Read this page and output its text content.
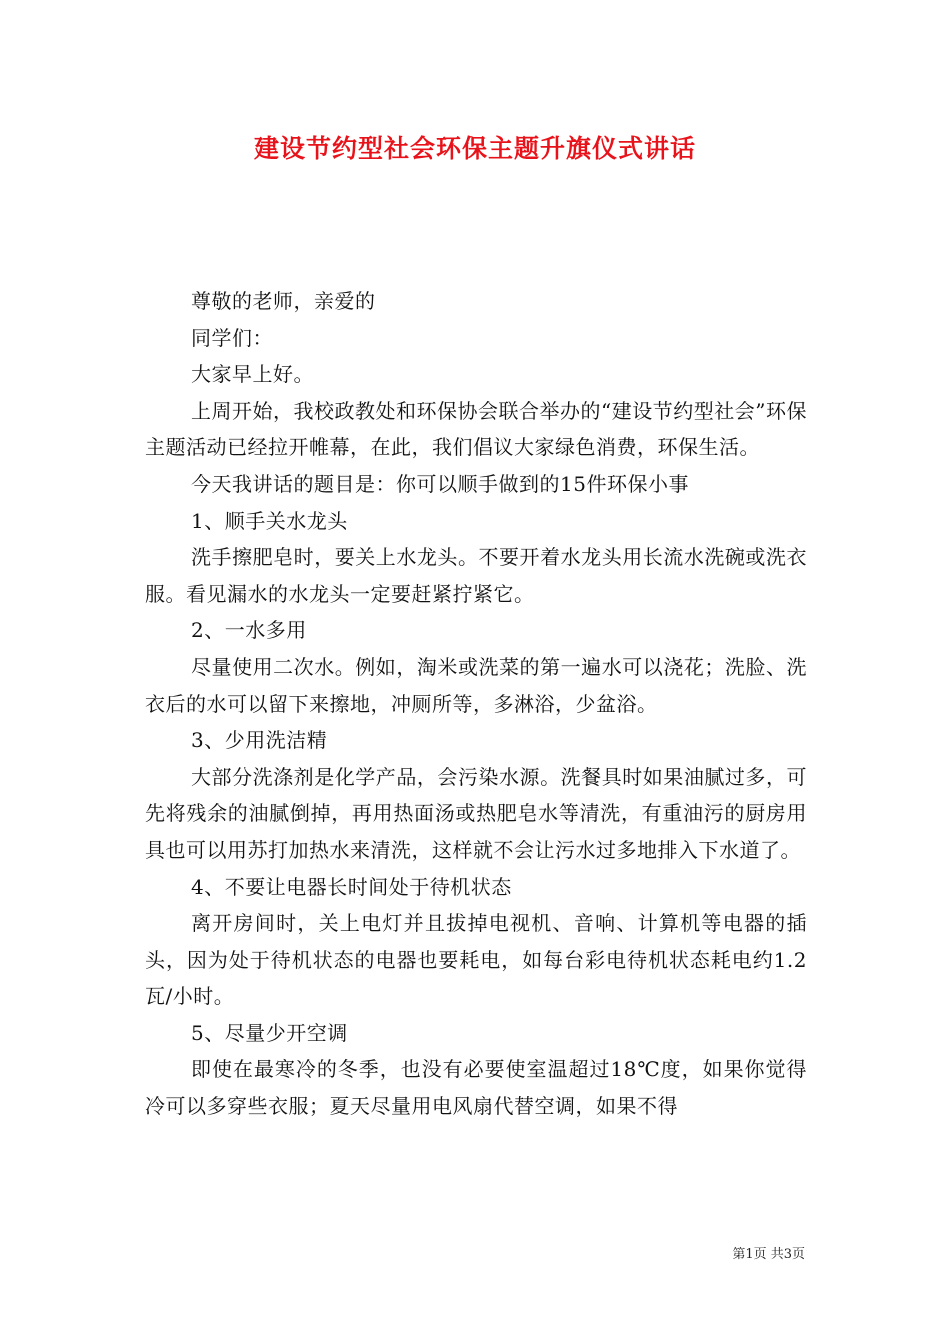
建设节约型社会环保主题升旗仪式讲话

尊敬的老师，亲爱的

同学们：

大家早上好。

上周开始，我校政教处和环保协会联合举办的“建设节约型社会”环保主题活动已经拉开帷幕，在此，我们倡议大家绿色消费，环保生活。

今天我讲话的题目是：你可以顺手做到的15件环保小事

1、顺手关水龙头

洗手擦肥皂时，要关上水龙头。不要开着水龙头用长流水洗碗或洗衣服。看见漏水的水龙头一定要赶紧拧紧它。

2、一水多用

尽量使用二次水。例如，淘米或洗菜的第一遍水可以浇花；洗脸、洗衣后的水可以留下来擦地，冲厕所等，多淋浴，少盆浴。

3、少用洗洁精

大部分洗涤剂是化学产品，会污染水源。洗餐具时如果油腻过多，可先将残余的油腻倒掉，再用热面汤或热肥皂水等清洗，有重油污的厨房用具也可以用苏打加热水来清洗，这样就不会让污水过多地排入下水道了。

4、不要让电器长时间处于待机状态

离开房间时，关上电灯并且拔掉电视机、音响、计算机等电器的插头，因为处于待机状态的电器也要耗电，如每台彩电待机状态耗电约1.2瓦/小时。

5、尽量少开空调

即使在最寒冷的冬季，也没有必要使室温超过18℃度，如果你觉得冷可以多穿些衣服；夏天尽量用电风扇代替空调，如果不得

第1页 共3页
